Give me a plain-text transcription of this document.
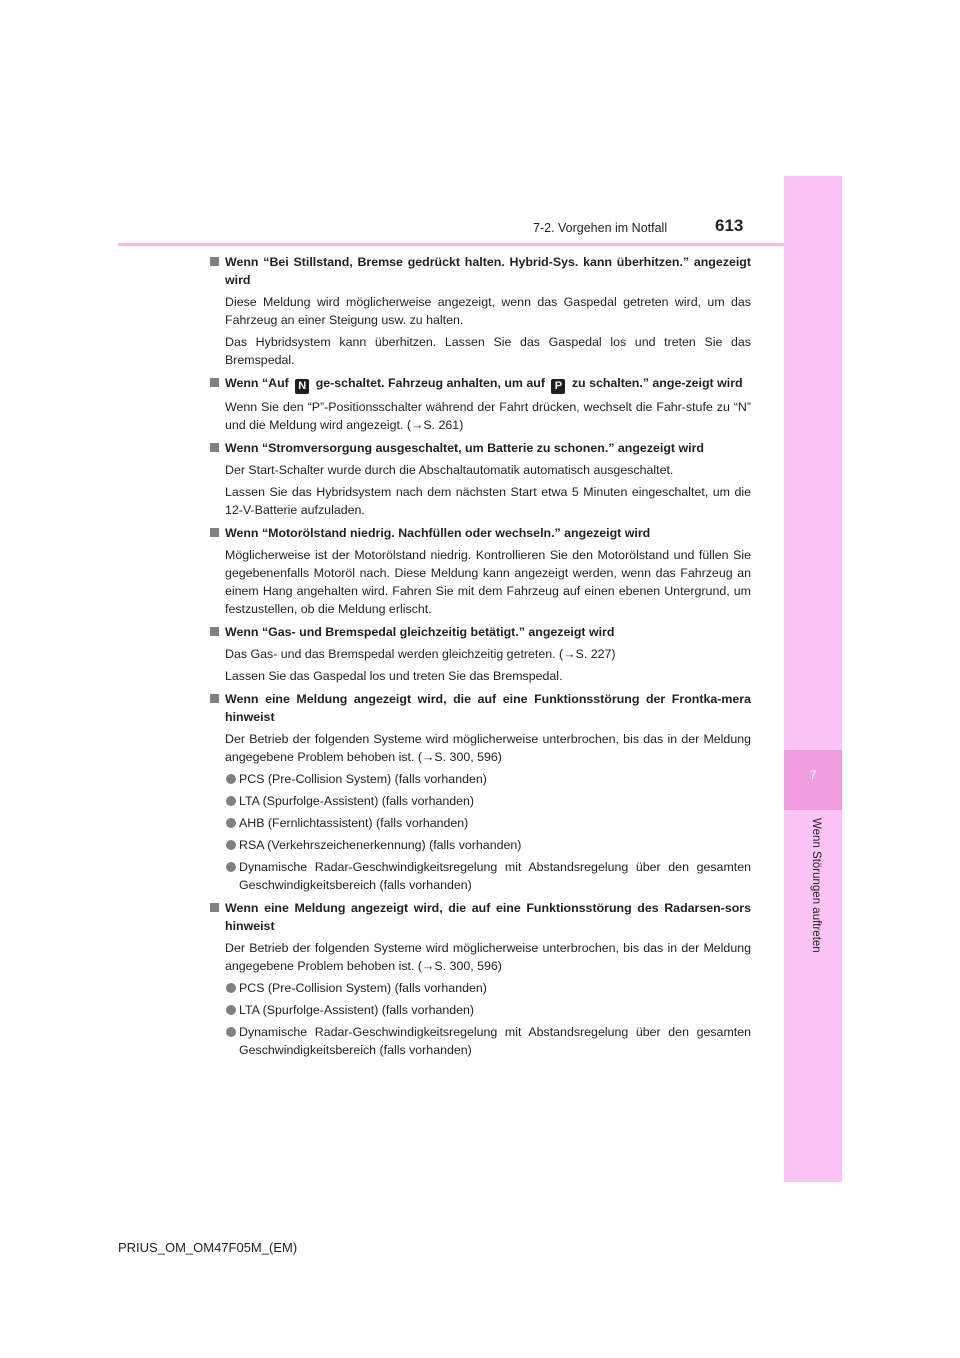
7-2. Vorgehen im Notfall	613
7
Wenn Störungen auftreten
Wenn “Bei Stillstand, Bremse gedrückt halten. Hybrid-Sys. kann überhitzen.” angezeigt wird
Diese Meldung wird möglicherweise angezeigt, wenn das Gaspedal getreten wird, um das Fahrzeug an einer Steigung usw. zu halten.
Das Hybridsystem kann überhitzen. Lassen Sie das Gaspedal los und treten Sie das Bremspedal.
Wenn “Auf N ge-schaltet. Fahrzeug anhalten, um auf P zu schalten.” ange-zeigt wird
Wenn Sie den “P”-Positionsschalter während der Fahrt drücken, wechselt die Fahr-stufe zu “N” und die Meldung wird angezeigt. (→S. 261)
Wenn “Stromversorgung ausgeschaltet, um Batterie zu schonen.” angezeigt wird
Der Start-Schalter wurde durch die Abschaltautomatik automatisch ausgeschaltet.
Lassen Sie das Hybridsystem nach dem nächsten Start etwa 5 Minuten eingeschaltet, um die 12-V-Batterie aufzuladen.
Wenn “Motorölstand niedrig. Nachfüllen oder wechseln.” angezeigt wird
Möglicherweise ist der Motorölstand niedrig. Kontrollieren Sie den Motorölstand und füllen Sie gegebenenfalls Motoröl nach. Diese Meldung kann angezeigt werden, wenn das Fahrzeug an einem Hang angehalten wird. Fahren Sie mit dem Fahrzeug auf einen ebenen Untergrund, um festzustellen, ob die Meldung erlischt.
Wenn “Gas- und Bremspedal gleichzeitig betätigt.” angezeigt wird
Das Gas- und das Bremspedal werden gleichzeitig getreten. (→S. 227)
Lassen Sie das Gaspedal los und treten Sie das Bremspedal.
Wenn eine Meldung angezeigt wird, die auf eine Funktionsstörung der Frontka-mera hinweist
Der Betrieb der folgenden Systeme wird möglicherweise unterbrochen, bis das in der Meldung angegebene Problem behoben ist. (→S. 300, 596)
PCS (Pre-Collision System) (falls vorhanden)
LTA (Spurfolge-Assistent) (falls vorhanden)
AHB (Fernlichtassistent) (falls vorhanden)
RSA (Verkehrszeichenerkennung) (falls vorhanden)
Dynamische Radar-Geschwindigkeitsregelung mit Abstandsregelung über den gesamten Geschwindigkeitsbereich (falls vorhanden)
Wenn eine Meldung angezeigt wird, die auf eine Funktionsstörung des Radarsen-sors hinweist
Der Betrieb der folgenden Systeme wird möglicherweise unterbrochen, bis das in der Meldung angegebene Problem behoben ist. (→S. 300, 596)
PCS (Pre-Collision System) (falls vorhanden)
LTA (Spurfolge-Assistent) (falls vorhanden)
Dynamische Radar-Geschwindigkeitsregelung mit Abstandsregelung über den gesamten Geschwindigkeitsbereich (falls vorhanden)
PRIUS_OM_OM47F05M_(EM)
